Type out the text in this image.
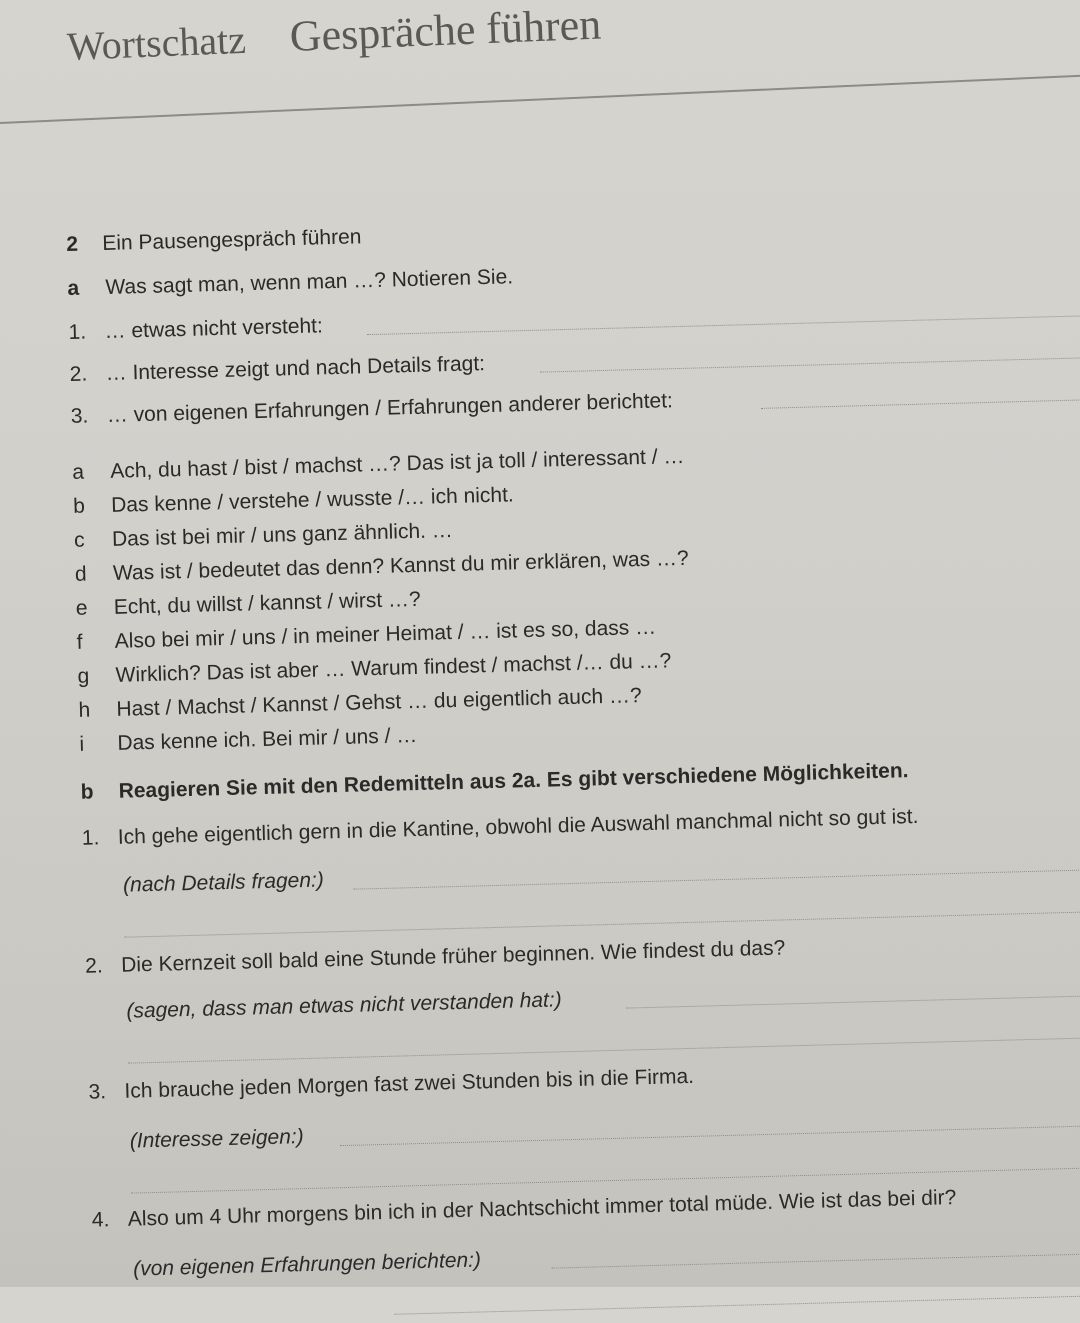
Wortschatz Gespräche führen
2 Ein Pausengespräch führen
a Was sagt man, wenn man …? Notieren Sie.
1. … etwas nicht versteht:
2. … Interesse zeigt und nach Details fragt:
3. … von eigenen Erfahrungen / Erfahrungen anderer berichtet:
a Ach, du hast / bist / machst …? Das ist ja toll / interessant / …
b Das kenne / verstehe / wusste /… ich nicht.
c Das ist bei mir / uns ganz ähnlich. …
d Was ist / bedeutet das denn? Kannst du mir erklären, was …?
e Echt, du willst / kannst / wirst …?
f Also bei mir / uns / in meiner Heimat / … ist es so, dass …
g Wirklich? Das ist aber … Warum findest / machst /… du …?
h Hast / Machst / Kannst / Gehst … du eigentlich auch …?
i Das kenne ich. Bei mir / uns / …
b Reagieren Sie mit den Redemitteln aus 2a. Es gibt verschiedene Möglichkeiten.
1. Ich gehe eigentlich gern in die Kantine, obwohl die Auswahl manchmal nicht so gut ist.
(nach Details fragen:)
2. Die Kernzeit soll bald eine Stunde früher beginnen. Wie findest du das?
(sagen, dass man etwas nicht verstanden hat:)
3. Ich brauche jeden Morgen fast zwei Stunden bis in die Firma.
(Interesse zeigen:)
4. Also um 4 Uhr morgens bin ich in der Nachtschicht immer total müde. Wie ist das bei dir?
(von eigenen Erfahrungen berichten:)
